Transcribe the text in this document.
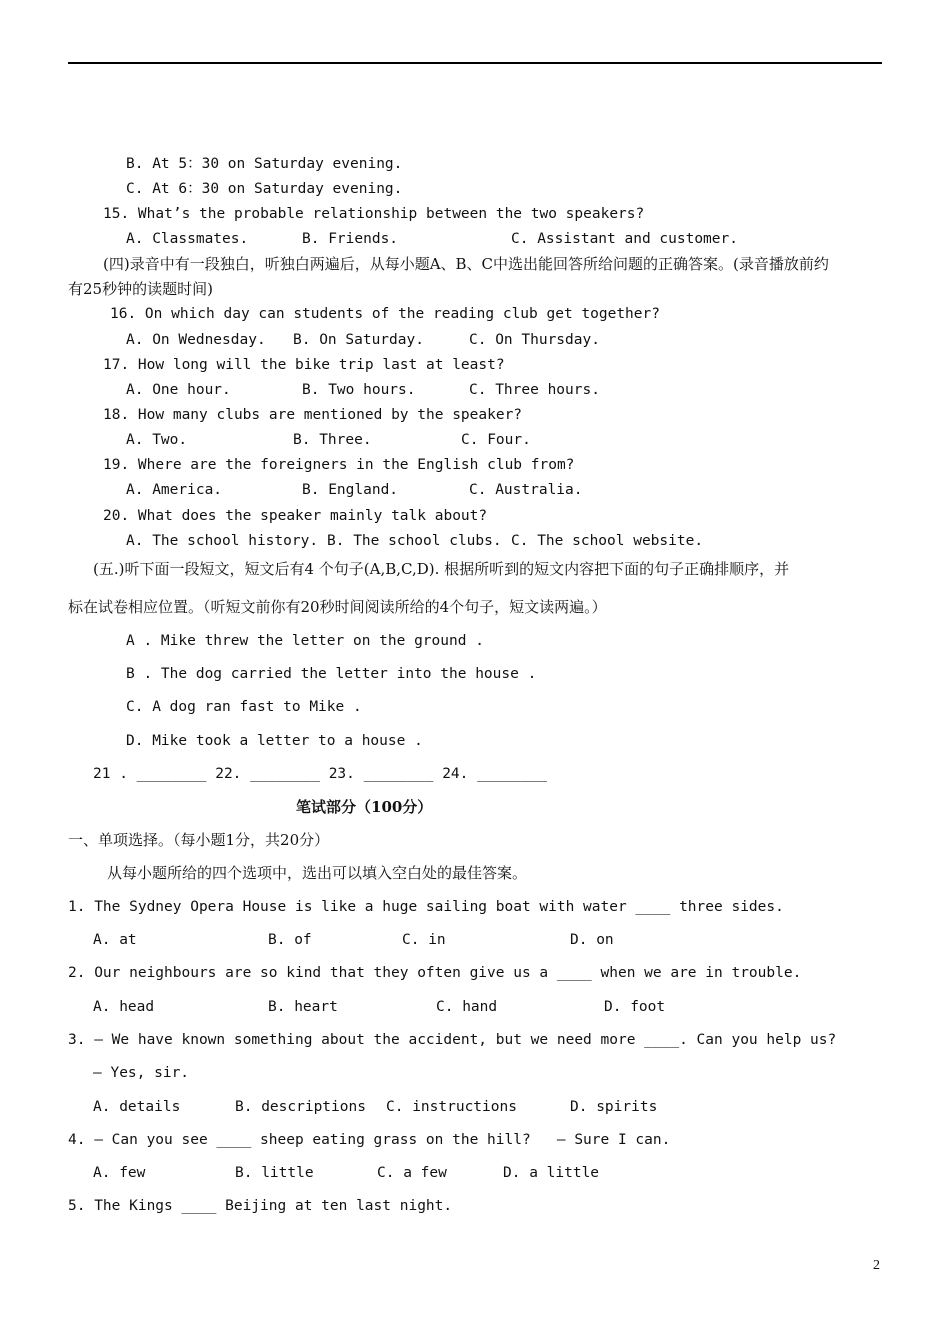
B. At 5：30 on Saturday evening.
C. At 6：30 on Saturday evening.
15. What’s the probable relationship between the two speakers?
A. Classmates.	B. Friends.	C. Assistant and customer.
(四)录音中有一段独白，听独白两遍后，从每小题A、B、C中选出能回答所给问题的正确答案。(录音播放前约
有25秒钟的读题时间)
16. On which day can students of the reading club get together?
A. On Wednesday. B. On Saturday.	C. On Thursday.
17. How long will the bike trip last at least?
A. One hour.	B. Two hours.	C. Three hours.
18. How many clubs are mentioned by the speaker?
A. Two.	B. Three.	C. Four.
19. Where are the foreigners in the English club from?
A. America.	B. England.	C. Australia.
20. What does the speaker mainly talk about?
A. The school history. B. The school clubs. C. The school website.
(五.)听下面一段短文，短文后有4 个句子(A,B,C,D). 根据所听到的短文内容把下面的句子正确排顺序，并
标在试卷相应位置。（听短文前你有20秒时间阅读所给的4个句子，短文读两遍。）
A . Mike threw the letter on the ground .
B . The dog carried the letter into the house .
C. A dog ran fast to Mike .
D. Mike took a letter to a house .
21 . ________ 22. ________ 23. ________ 24. ________
笔试部分（100分）
一、单项选择。（每小题1分，共20分）
从每小题所给的四个选项中，选出可以填入空白处的最佳答案。
1. The Sydney Opera House is like a huge sailing boat with water ____ three sides.
A. at	B. of	C. in	D. on
2. Our neighbours are so kind that they often give us a ____ when we are in trouble.
A. head	B. heart	C. hand	D. foot
3. — We have known something about the accident, but we need more ____. Can you help us?
— Yes, sir.
A. details	B. descriptions C. instructions	D. spirits
4. — Can you see ____ sheep eating grass on the hill?   — Sure I can.
A. few	B. little	C. a few	D. a little
5. The Kings ____ Beijing at ten last night.
2
